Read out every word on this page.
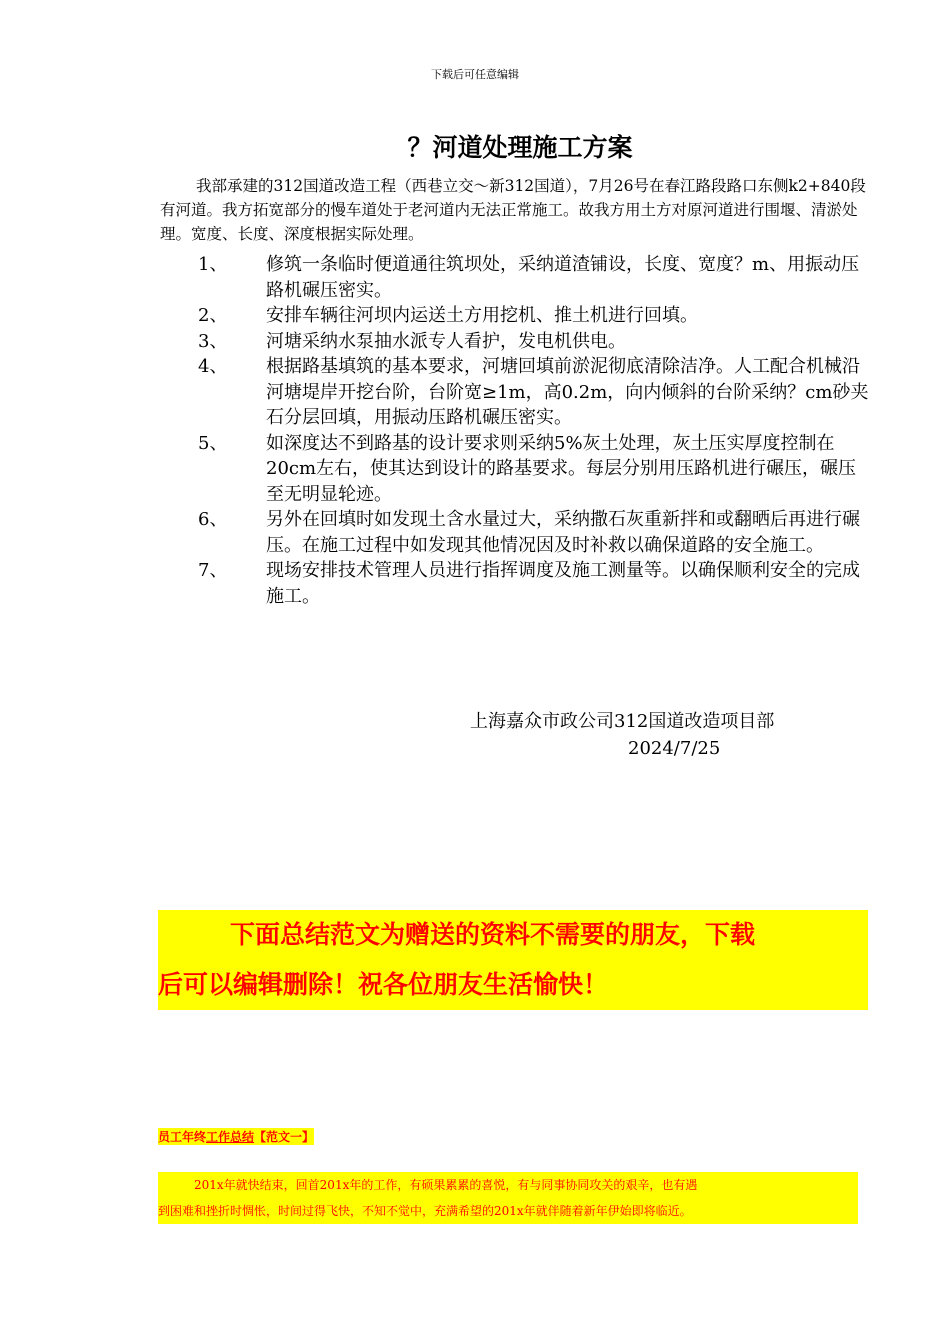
下载后可任意编辑
？河道处理施工方案
我部承建的312国道改造工程（西巷立交～新312国道），7月26号在春江路段路口东侧k2+840段有河道。我方拓宽部分的慢车道处于老河道内无法正常施工。故我方用土方对原河道进行围堰、清淤处理。宽度、长度、深度根据实际处理。
1、	修筑一条临时便道通往筑坝处，采纳道渣铺设，长度、宽度？m、用振动压路机碾压密实。
2、	安排车辆往河坝内运送土方用挖机、推土机进行回填。
3、	河塘采纳水泵抽水派专人看护，发电机供电。
4、	根据路基填筑的基本要求，河塘回填前淤泥彻底清除洁净。人工配合机械沿河塘堤岸开挖台阶，台阶宽≥1m，高0.2m，向内倾斜的台阶采纳？cm砂夹石分层回填，用振动压路机碾压密实。
5、	如深度达不到路基的设计要求则采纳5%灰土处理，灰土压实厚度控制在20cm左右，使其达到设计的路基要求。每层分别用压路机进行碾压，碾压至无明显轮迹。
6、	另外在回填时如发现土含水量过大，采纳撒石灰重新拌和或翻晒后再进行碾压。在施工过程中如发现其他情况因及时补救以确保道路的安全施工。
7、	现场安排技术管理人员进行指挥调度及施工测量等。以确保顺利安全的完成施工。
上海嘉众市政公司312国道改造项目部
2024/7/25
下面总结范文为赠送的资料不需要的朋友，下载
后可以编辑删除！祝各位朋友生活愉快！
员工年终工作总结【范文一】
   201x年就快结束，回首201x年的工作，有硕果累累的喜悦，有与同事协同攻关的艰辛，也有遇
到困难和挫折时惆怅，时间过得飞快，不知不觉中，充满希望的201x年就伴随着新年伊始即将临近。
